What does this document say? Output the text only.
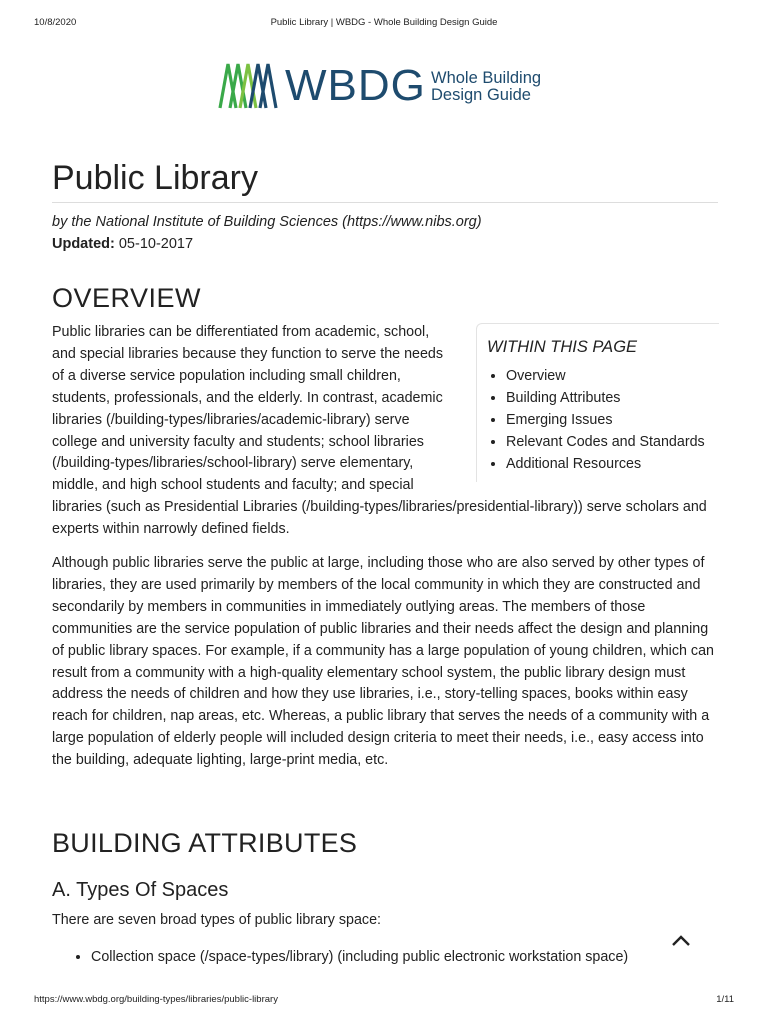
10/8/2020	Public Library | WBDG - Whole Building Design Guide
WBDG Whole Building
Design Guide
Public Library
by the National Institute of Building Sciences (https://www.nibs.org)
Updated: 05-10-2017
OVERVIEW

Public libraries can be differentiated from academic, school, and special libraries because they function to serve the needs of a diverse service population including small children, students, professionals, and the elderly. In contrast, academic libraries (/building-types/libraries/academic-library) serve college and university faculty and students; school libraries (/building-types/libraries/school-library) serve elementary, middle, and high school students and faculty; and special libraries (such as Presidential Libraries (/building-types/libraries/presidential-library)) serve scholars and experts within narrowly defined fields.

WITHIN THIS PAGE
• Overview
• Building Attributes
• Emerging Issues
• Relevant Codes and Standards
• Additional Resources

Although public libraries serve the public at large, including those who are also served by other types of libraries, they are used primarily by members of the local community in which they are constructed and secondarily by members in communities in immediately outlying areas. The members of those communities are the service population of public libraries and their needs affect the design and planning of public library spaces. For example, if a community has a large population of young children, which can result from a community with a high-quality elementary school system, the public library design must address the needs of children and how they use libraries, i.e., story-telling spaces, books within easy reach for children, nap areas, etc. Whereas, a public library that serves the needs of a community with a large population of elderly people will included design criteria to meet their needs, i.e., easy access into the building, adequate lighting, large-print media, etc.

BUILDING ATTRIBUTES
A. Types Of Spaces

There are seven broad types of public library space:

• Collection space (/space-types/library) (including public electronic workstation space)
https://www.wbdg.org/building-types/libraries/public-library	1/11
